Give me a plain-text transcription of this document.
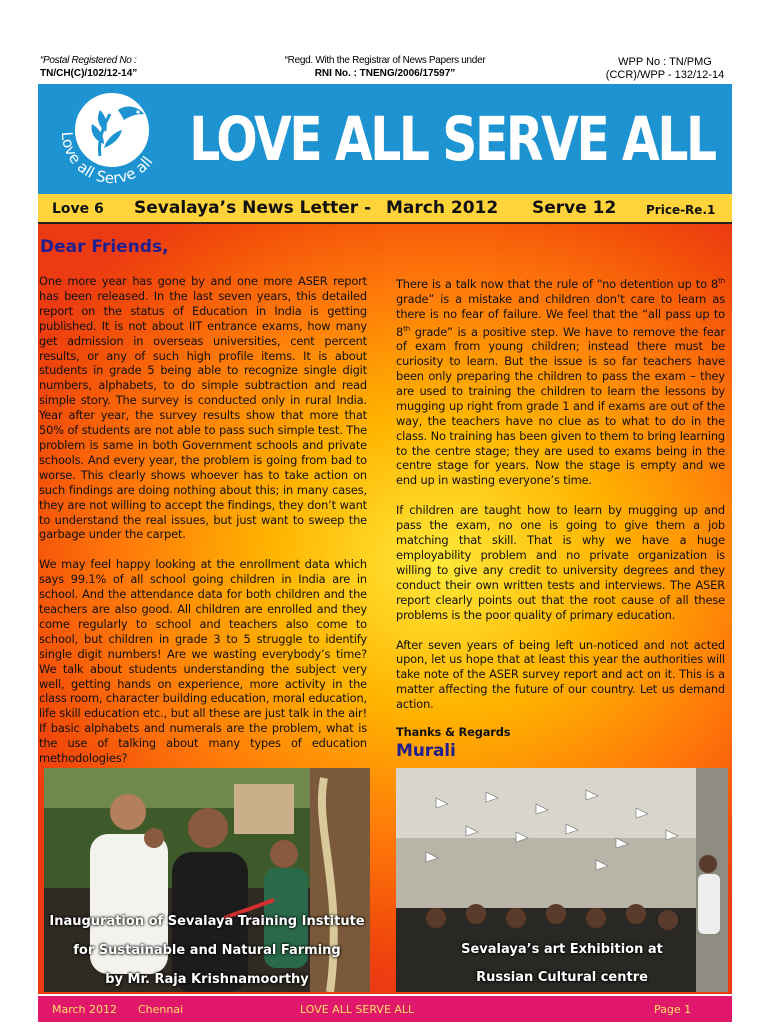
“Postal Registered No :
TN/CH(C)/102/12-14”
“Regd. With the Registrar of News Papers under
RNI No. : TNENG/2006/17597”
WPP No : TN/PMG
(CCR)/WPP - 132/12-14
Love all Serve all LOVE ALL SERVE ALL
Love 6 Sevalaya’s News Letter - March 2012 Serve 12 Price-Re.1
Dear Friends,

One more year has gone by and one more ASER report has been released. In the last seven years, this detailed report on the status of Education in India is getting published. It is not about IIT entrance exams, how many get admission in overseas universities, cent percent results, or any of such high profile items. It is about students in grade 5 being able to recognize single digit numbers, alphabets, to do simple subtraction and read simple story. The survey is conducted only in rural India. Year after year, the survey results show that more that 50% of students are not able to pass such simple test. The problem is same in both Government schools and private schools. And every year, the problem is going from bad to worse. This clearly shows whoever has to take action on such findings are doing nothing about this; in many cases, they are not willing to accept the findings, they don’t want to understand the real issues, but just want to sweep the garbage under the carpet.

We may feel happy looking at the enrollment data which says 99.1% of all school going children in India are in school. And the attendance data for both children and the teachers are also good. All children are enrolled and they come regularly to school and teachers also come to school, but children in grade 3 to 5 struggle to identify single digit numbers! Are we wasting everybody’s time? We talk about students understanding the subject very well, getting hands on experience, more activity in the class room, character building education, moral education, life skill education etc., but all these are just talk in the air! If basic alphabets and numerals are the problem, what is the use of talking about many types of education methodologies?

There is a talk now that the rule of “no detention up to 8th grade” is a mistake and children don’t care to learn as there is no fear of failure. We feel that the “all pass up to 8th grade” is a positive step. We have to remove the fear of exam from young children; instead there must be curiosity to learn. But the issue is so far teachers have been only preparing the children to pass the exam – they are used to training the children to learn the lessons by mugging up right from grade 1 and if exams are out of the way, the teachers have no clue as to what to do in the class. No training has been given to them to bring learning to the centre stage; they are used to exams being in the centre stage for years. Now the stage is empty and we end up in wasting everyone’s time.

If children are taught how to learn by mugging up and pass the exam, no one is going to give them a job matching that skill. That is why we have a huge employability problem and no private organization is willing to give any credit to university degrees and they conduct their own written tests and interviews. The ASER report clearly points out that the root cause of all these problems is the poor quality of primary education.

After seven years of being left un-noticed and not acted upon, let us hope that at least this year the authorities will take note of the ASER survey report and act on it. This is a matter affecting the future of our country. Let us demand action.

Thanks & Regards
Murali
Inauguration of Sevalaya Training Institute
for Sustainable and Natural Farming
by Mr. Raja Krishnamoorthy
Sevalaya’s art Exhibition at
Russian Cultural centre
March 2012 Chennai	LOVE ALL SERVE ALL	Page 1
